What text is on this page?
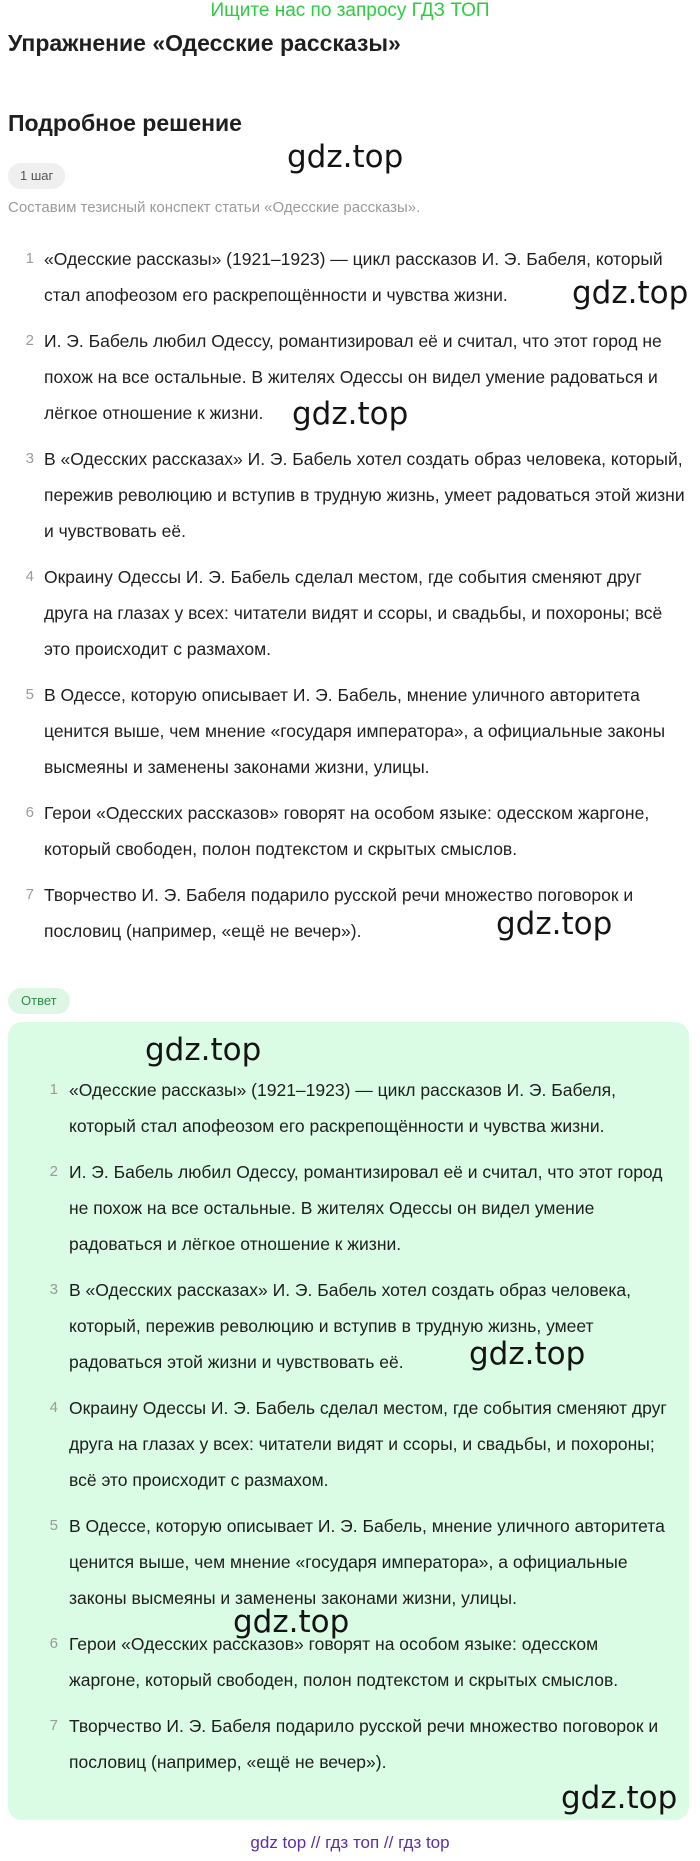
Ищите нас по запросу ГДЗ ТОП
Упражнение «Одесские рассказы»
Подробное решение
1 шаг
Составим тезисный конспект статьи «Одесские рассказы».
1 «Одесские рассказы» (1921–1923) — цикл рассказов И. Э. Бабеля, который стал апофеозом его раскрепощённости и чувства жизни.
2 И. Э. Бабель любил Одессу, романтизировал её и считал, что этот город не похож на все остальные. В жителях Одессы он видел умение радоваться и лёгкое отношение к жизни.
3 В «Одесских рассказах» И. Э. Бабель хотел создать образ человека, который, пережив революцию и вступив в трудную жизнь, умеет радоваться этой жизни и чувствовать её.
4 Окраину Одессы И. Э. Бабель сделал местом, где события сменяют друг друга на глазах у всех: читатели видят и ссоры, и свадьбы, и похороны; всё это происходит с размахом.
5 В Одессе, которую описывает И. Э. Бабель, мнение уличного авторитета ценится выше, чем мнение «государя императора», а официальные законы высмеяны и заменены законами жизни, улицы.
6 Герои «Одесских рассказов» говорят на особом языке: одесском жаргоне, который свободен, полон подтекстом и скрытых смыслов.
7 Творчество И. Э. Бабеля подарило русской речи множество поговорок и пословиц (например, «ещё не вечер»).
Ответ
1 «Одесские рассказы» (1921–1923) — цикл рассказов И. Э. Бабеля, который стал апофеозом его раскрепощённости и чувства жизни.
2 И. Э. Бабель любил Одессу, романтизировал её и считал, что этот город не похож на все остальные. В жителях Одессы он видел умение радоваться и лёгкое отношение к жизни.
3 В «Одесских рассказах» И. Э. Бабель хотел создать образ человека, который, пережив революцию и вступив в трудную жизнь, умеет радоваться этой жизни и чувствовать её.
4 Окраину Одессы И. Э. Бабель сделал местом, где события сменяют друг друга на глазах у всех: читатели видят и ссоры, и свадьбы, и похороны; всё это происходит с размахом.
5 В Одессе, которую описывает И. Э. Бабель, мнение уличного авторитета ценится выше, чем мнение «государя императора», а официальные законы высмеяны и заменены законами жизни, улицы.
6 Герои «Одесских рассказов» говорят на особом языке: одесском жаргоне, который свободен, полон подтекстом и скрытых смыслов.
7 Творчество И. Э. Бабеля подарило русской речи множество поговорок и пословиц (например, «ещё не вечер»).
gdz.top
gdz.top
gdz.top
gdz.top
gdz.top
gdz.top
gdz.top
gdz.top
gdz top // гдз топ // гдз top
